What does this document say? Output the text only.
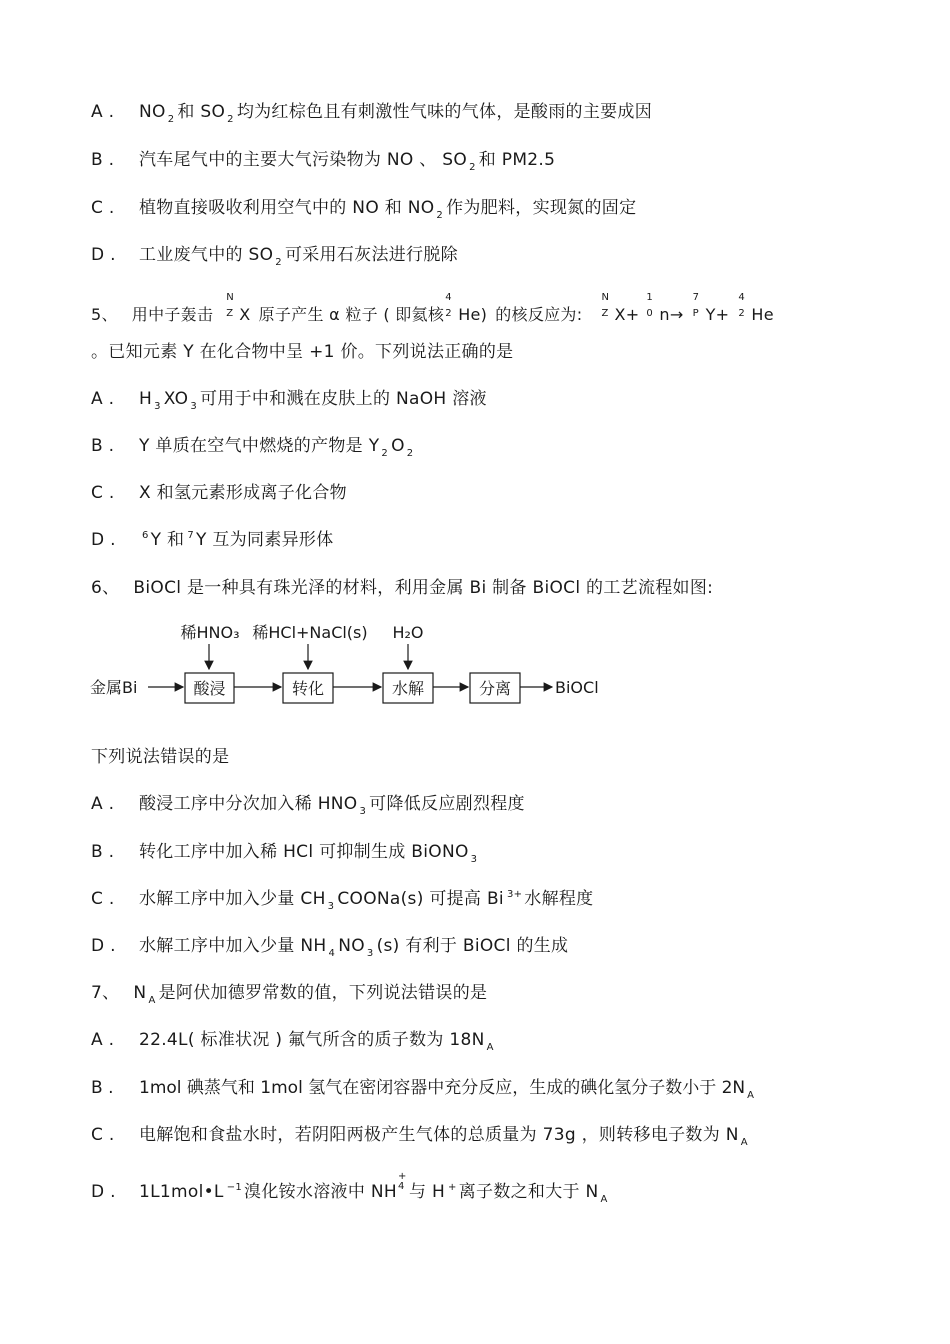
A . NO $_2$ 和 SO $_2$ 均为红棕色且有刺激性气味的气体，是酸雨的主要成因
B . 汽车尾气中的主要大气污染物为 NO 、 SO $_2$ 和 PM2.5
C . 植物直接吸收利用空气中的 NO 和 NO $_2$ 作为肥料，实现氮的固定
D . 工业废气中的 SO $_2$ 可采用石灰法进行脱除
5、 用中子轰击
N
Z X 原子产生 α 粒子 ( 即氦核
4
2 He) 的核反应为:
N
Z X+
1
0 n→
7
P Y+
4
2 He
。已知元素 Y 在化合物中呈 +1 价。下列说法正确的是
A . H $_3$ XO $_3$ 可用于中和溅在皮肤上的 NaOH 溶液
B . Y 单质在空气中燃烧的产物是 Y $_2$ O $_2$
C . X 和氢元素形成离子化合物
D .	$^6$ Y 和 $^7$ Y 互为同素异形体
6、 BiOCl 是一种具有珠光泽的材料，利用金属 Bi 制备 BiOCl 的工艺流程如图:
稀HNO₃ 稀HCl+NaCl(s) H₂O
金属Bi	酸浸	转化	水解	分离	BiOCl
下列说法错误的是
A . 酸浸工序中分次加入稀 HNO $_3$ 可降低反应剧烈程度
B . 转化工序中加入稀 HCl 可抑制生成 BiONO $_3$
C . 水解工序中加入少量 CH $_3$ COONa(s) 可提高 Bi $^{3+}$ 水解程度
D . 水解工序中加入少量 NH $_4$ NO $_3$ (s) 有利于 BiOCl 的生成
7、 N $_A$ 是阿伏加德罗常数的值，下列说法错误的是
A . 22.4L( 标准状况 ) 氟气所含的质子数为 18N $_A$
B . 1mol 碘蒸气和 1mol 氢气在密闭容器中充分反应，生成的碘化氢分子数小于 2N $_A$
C . 电解饱和食盐水时，若阴阳两极产生气体的总质量为 73g ，则转移电子数为 N $_A$
D . 1L1mol•L $^{-1}$ 溴化铵水溶液中 NH
+
4 与 H + 离子数之和大于 N $_A$
